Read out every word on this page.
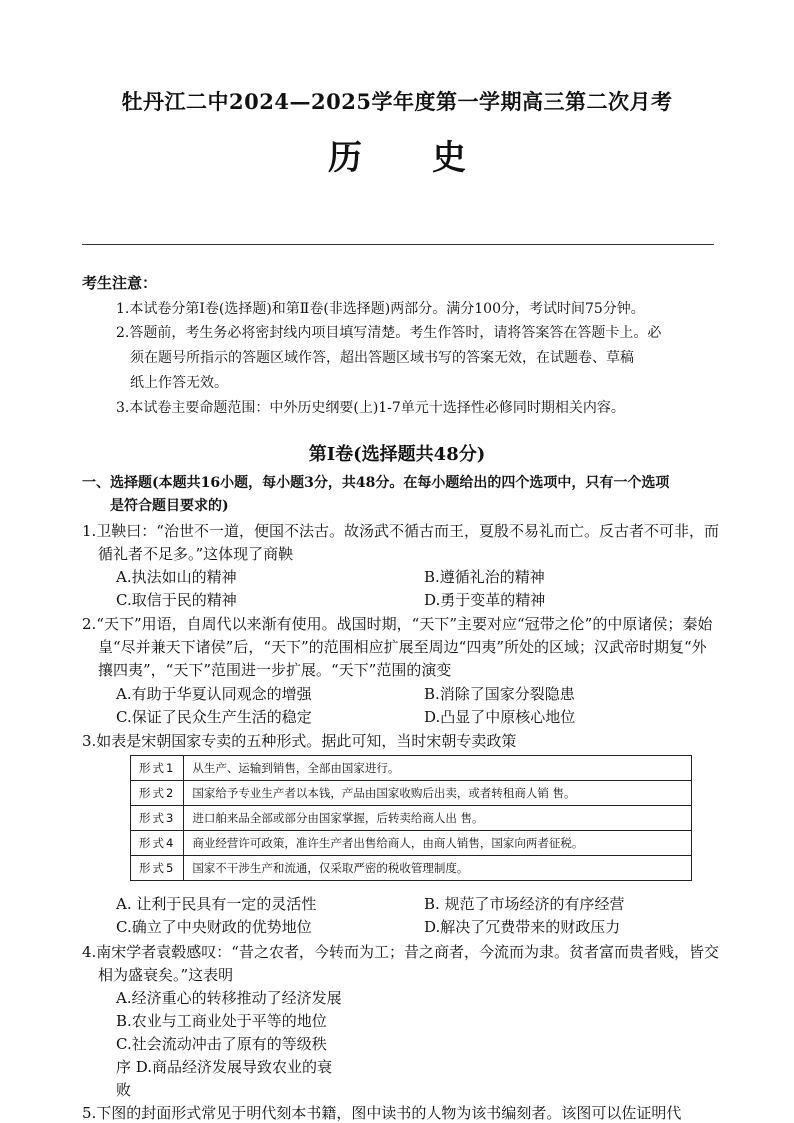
牡丹江二中2024—2025学年度第一学期高三第二次月考
历史
考生注意：
1.本试卷分第Ⅰ卷(选择题)和第Ⅱ卷(非选择题)两部分。满分100分，考试时间75分钟。
2.答题前，考生务必将密封线内项目填写清楚。考生作答时，请将答案答在答题卡上。必
须在题号所指示的答题区域作答，超出答题区域书写的答案无效，在试题卷、草稿
纸上作答无效。
3.本试卷主要命题范围：中外历史纲要(上)1-7单元十选择性必修同时期相关内容。
第Ⅰ卷(选择题共48分)
一、选择题(本题共16小题，每小题3分，共48分。在每小题给出的四个选项中，只有一个选项
是符合题目要求的)
1.卫鞅曰：“治世不一道，便国不法古。故汤武不循古而王，夏殷不易礼而亡。反古者不可非，而
循礼者不足多。”这体现了商鞅
A.执法如山的精神	B.遵循礼治的精神
C.取信于民的精神	D.勇于变革的精神
2.“天下”用语，自周代以来渐有使用。战国时期，“天下”主要对应“冠带之伦”的中原诸侯；秦始
皇“尽并兼天下诸侯”后，“天下”的范围相应扩展至周边“四夷”所处的区域；汉武帝时期复“外
攘四夷”，“天下”范围进一步扩展。“天下”范围的演变
A.有助于华夏认同观念的增强	B.消除了国家分裂隐患
C.保证了民众生产生活的稳定	D.凸显了中原核心地位
3.如表是宋朝国家专卖的五种形式。据此可知，当时宋朝专卖政策
形式1	从生产、运输到销售，全部由国家进行。
形式2	国家给予专业生产者以本钱，产品由国家收购后出卖，或者转租商人销 售。
形式3	进口舶来品全部或部分由国家掌握，后转卖给商人出 售。
形式4	商业经营许可政策，准许生产者出售给商人，由商人销售，国家向两者征税。
形式5	国家不干涉生产和流通，仅采取严密的税收管理制度。
A. 让利于民具有一定的灵活性	B. 规范了市场经济的有序经营
C.确立了中央财政的优势地位	D.解决了冗费带来的财政压力
4.南宋学者袁毂感叹：“昔之农者，今转而为工；昔之商者，今流而为隶。贫者富而贵者贱，皆交
相为盛衰矣。”这表明
A.经济重心的转移推动了经济发展
B.农业与工商业处于平等的地位
C.社会流动冲击了原有的等级秩
序 D.商品经济发展导致农业的衰
败
5.下图的封面形式常见于明代刻本书籍，图中读书的人物为该书编刻者。该图可以佐证明代
